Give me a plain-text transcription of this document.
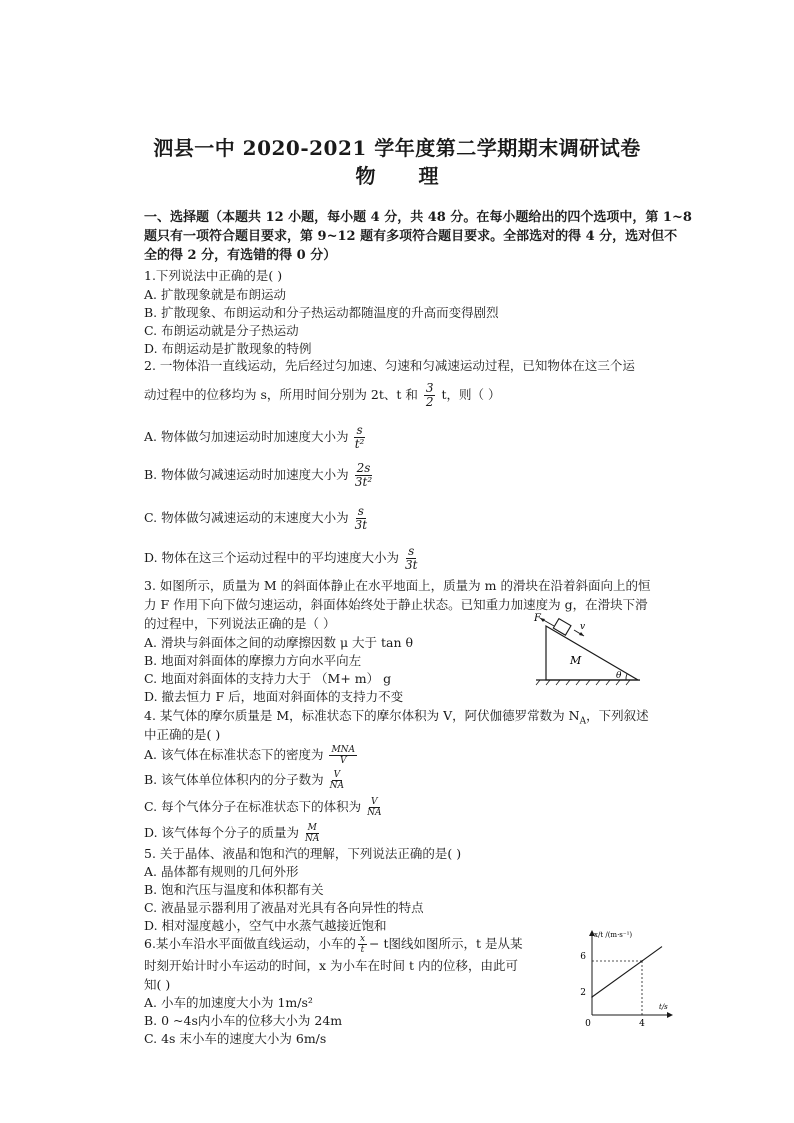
泗县一中 2020-2021 学年度第二学期期末调研试卷
物 理
一、选择题（本题共 12 小题，每小题 4 分，共 48 分。在每小题给出的四个选项中，第 1~8
题只有一项符合题目要求，第 9~12 题有多项符合题目要求。全部选对的得 4 分，选对但不
全的得 2 分，有选错的得 0 分）
1.下列说法中正确的是( )
A. 扩散现象就是布朗运动
B. 扩散现象、布朗运动和分子热运动都随温度的升高而变得剧烈
C. 布朗运动就是分子热运动
D. 布朗运动是扩散现象的特例
2. 一物体沿一直线运动，先后经过匀加速、匀速和匀减速运动过程，已知物体在这三个运
动过程中的位移均为 s，所用时间分别为 2t、t 和 $\frac{3}{2}$ t，则（ ）
A. 物体做匀加速运动时加速度大小为 $\frac{s}{\text{t²}}$
B. 物体做匀减速运动时加速度大小为 $\frac{2s}{\text{3t²}}$
C. 物体做匀减速运动的末速度大小为 $\frac{s}{3t}$
D. 物体在这三个运动过程中的平均速度大小为 $\frac{s}{3t}$
3. 如图所示，质量为 M 的斜面体静止在水平地面上，质量为 m 的滑块在沿着斜面向上的恒
力 F 作用下向下做匀速运动，斜面体始终处于静止状态。已知重力加速度为 g，在滑块下滑
的过程中，下列说法正确的是（ ）
A. 滑块与斜面体之间的动摩擦因数 μ 大于 tan θ
B. 地面对斜面体的摩擦力方向水平向左
C. 地面对斜面体的支持力大于 （M+ m） g
D. 撤去恒力 F 后，地面对斜面体的支持力不变
F
v
M
θ
4. 某气体的摩尔质量是 M，标准状态下的摩尔体积为 V，阿伏伽德罗常数为 $N_A$，下列叙述
中正确的是( )
A. 该气体在标准状态下的密度为 $\frac{\text{MNA}}{V}$
B. 该气体单位体积内的分子数为 $\frac{V}{NA}$
C. 每个气体分子在标准状态下的体积为 $\frac{V}{NA}$
D. 该气体每个分子的质量为 $\frac{M}{NA}$
5. 关于晶体、液晶和饱和汽的理解，下列说法正确的是( )
A. 晶体都有规则的几何外形
B. 饱和汽压与温度和体积都有关
C. 液晶显示器利用了液晶对光具有各向异性的特点
D. 相对湿度越小，空气中水蒸气越接近饱和
6.某小车沿水平面做直线运动，小车的 $\frac{x}{t} - t$图线如图所示，t 是从某
时刻开始计时小车运动的时间，x 为小车在时间 t 内的位移，由此可
知( )
A. 小车的加速度大小为 1m/s²
B. 0 ~4s内小车的位移大小为 24m
C. 4s 末小车的速度大小为 6m/s
x/t /(m·s⁻¹)
t/s
6
2
0	4
